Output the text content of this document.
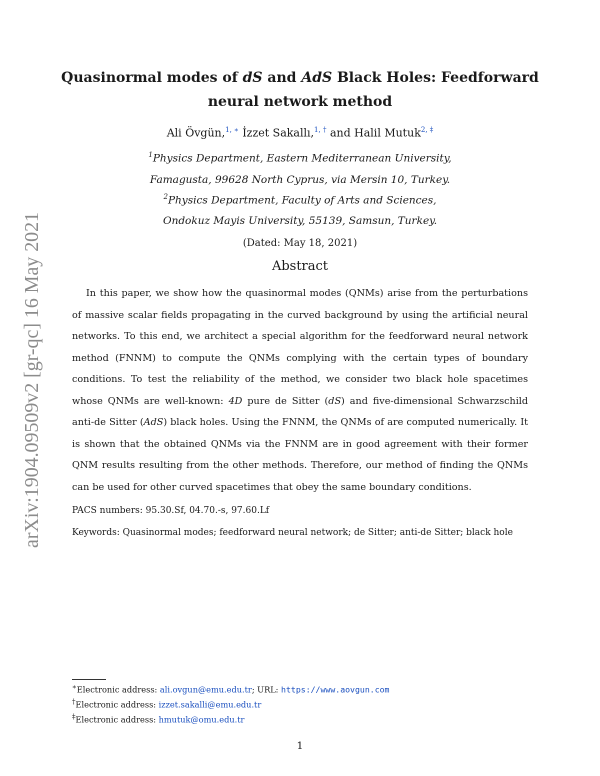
arXiv:1904.09509v2 [gr-qc] 16 May 2021
Quasinormal modes of dS and AdS Black Holes: Feedforward neural network method
Ali Övgün,$^{1, ∗}$ İzzet Sakallı,$^{1, \dagger}$ and Halil Mutuk$^{2, \ddagger}$
$^1$Physics Department, Eastern Mediterranean University,
Famagusta, 99628 North Cyprus, via Mersin 10, Turkey.
$^2$Physics Department, Faculty of Arts and Sciences,
Ondokuz Mayis University, 55139, Samsun, Turkey.
(Dated: May 18, 2021)
Abstract

In this paper, we show how the quasinormal modes (QNMs) arise from the perturbations of massive scalar fields propagating in the curved background by using the artificial neural networks. To this end, we architect a special algorithm for the feedforward neural network method (FNNM) to compute the QNMs complying with the certain types of boundary conditions. To test the reliability of the method, we consider two black hole spacetimes whose QNMs are well-known: 4D pure de Sitter (dS) and five-dimensional Schwarzschild anti-de Sitter (AdS) black holes. Using the FNNM, the QNMs of are computed numerically. It is shown that the obtained QNMs via the FNNM are in good agreement with their former QNM results resulting from the other methods. Therefore, our method of finding the QNMs can be used for other curved spacetimes that obey the same boundary conditions.

PACS numbers: 95.30.Sf, 04.70.-s, 97.60.Lf
Keywords: Quasinormal modes; feedforward neural network; de Sitter; anti-de Sitter; black hole
∗Electronic address: ali.ovgun@emu.edu.tr; URL: https://www.aovgun.com
†Electronic address: izzet.sakalli@emu.edu.tr
‡Electronic address: hmutuk@omu.edu.tr
1
